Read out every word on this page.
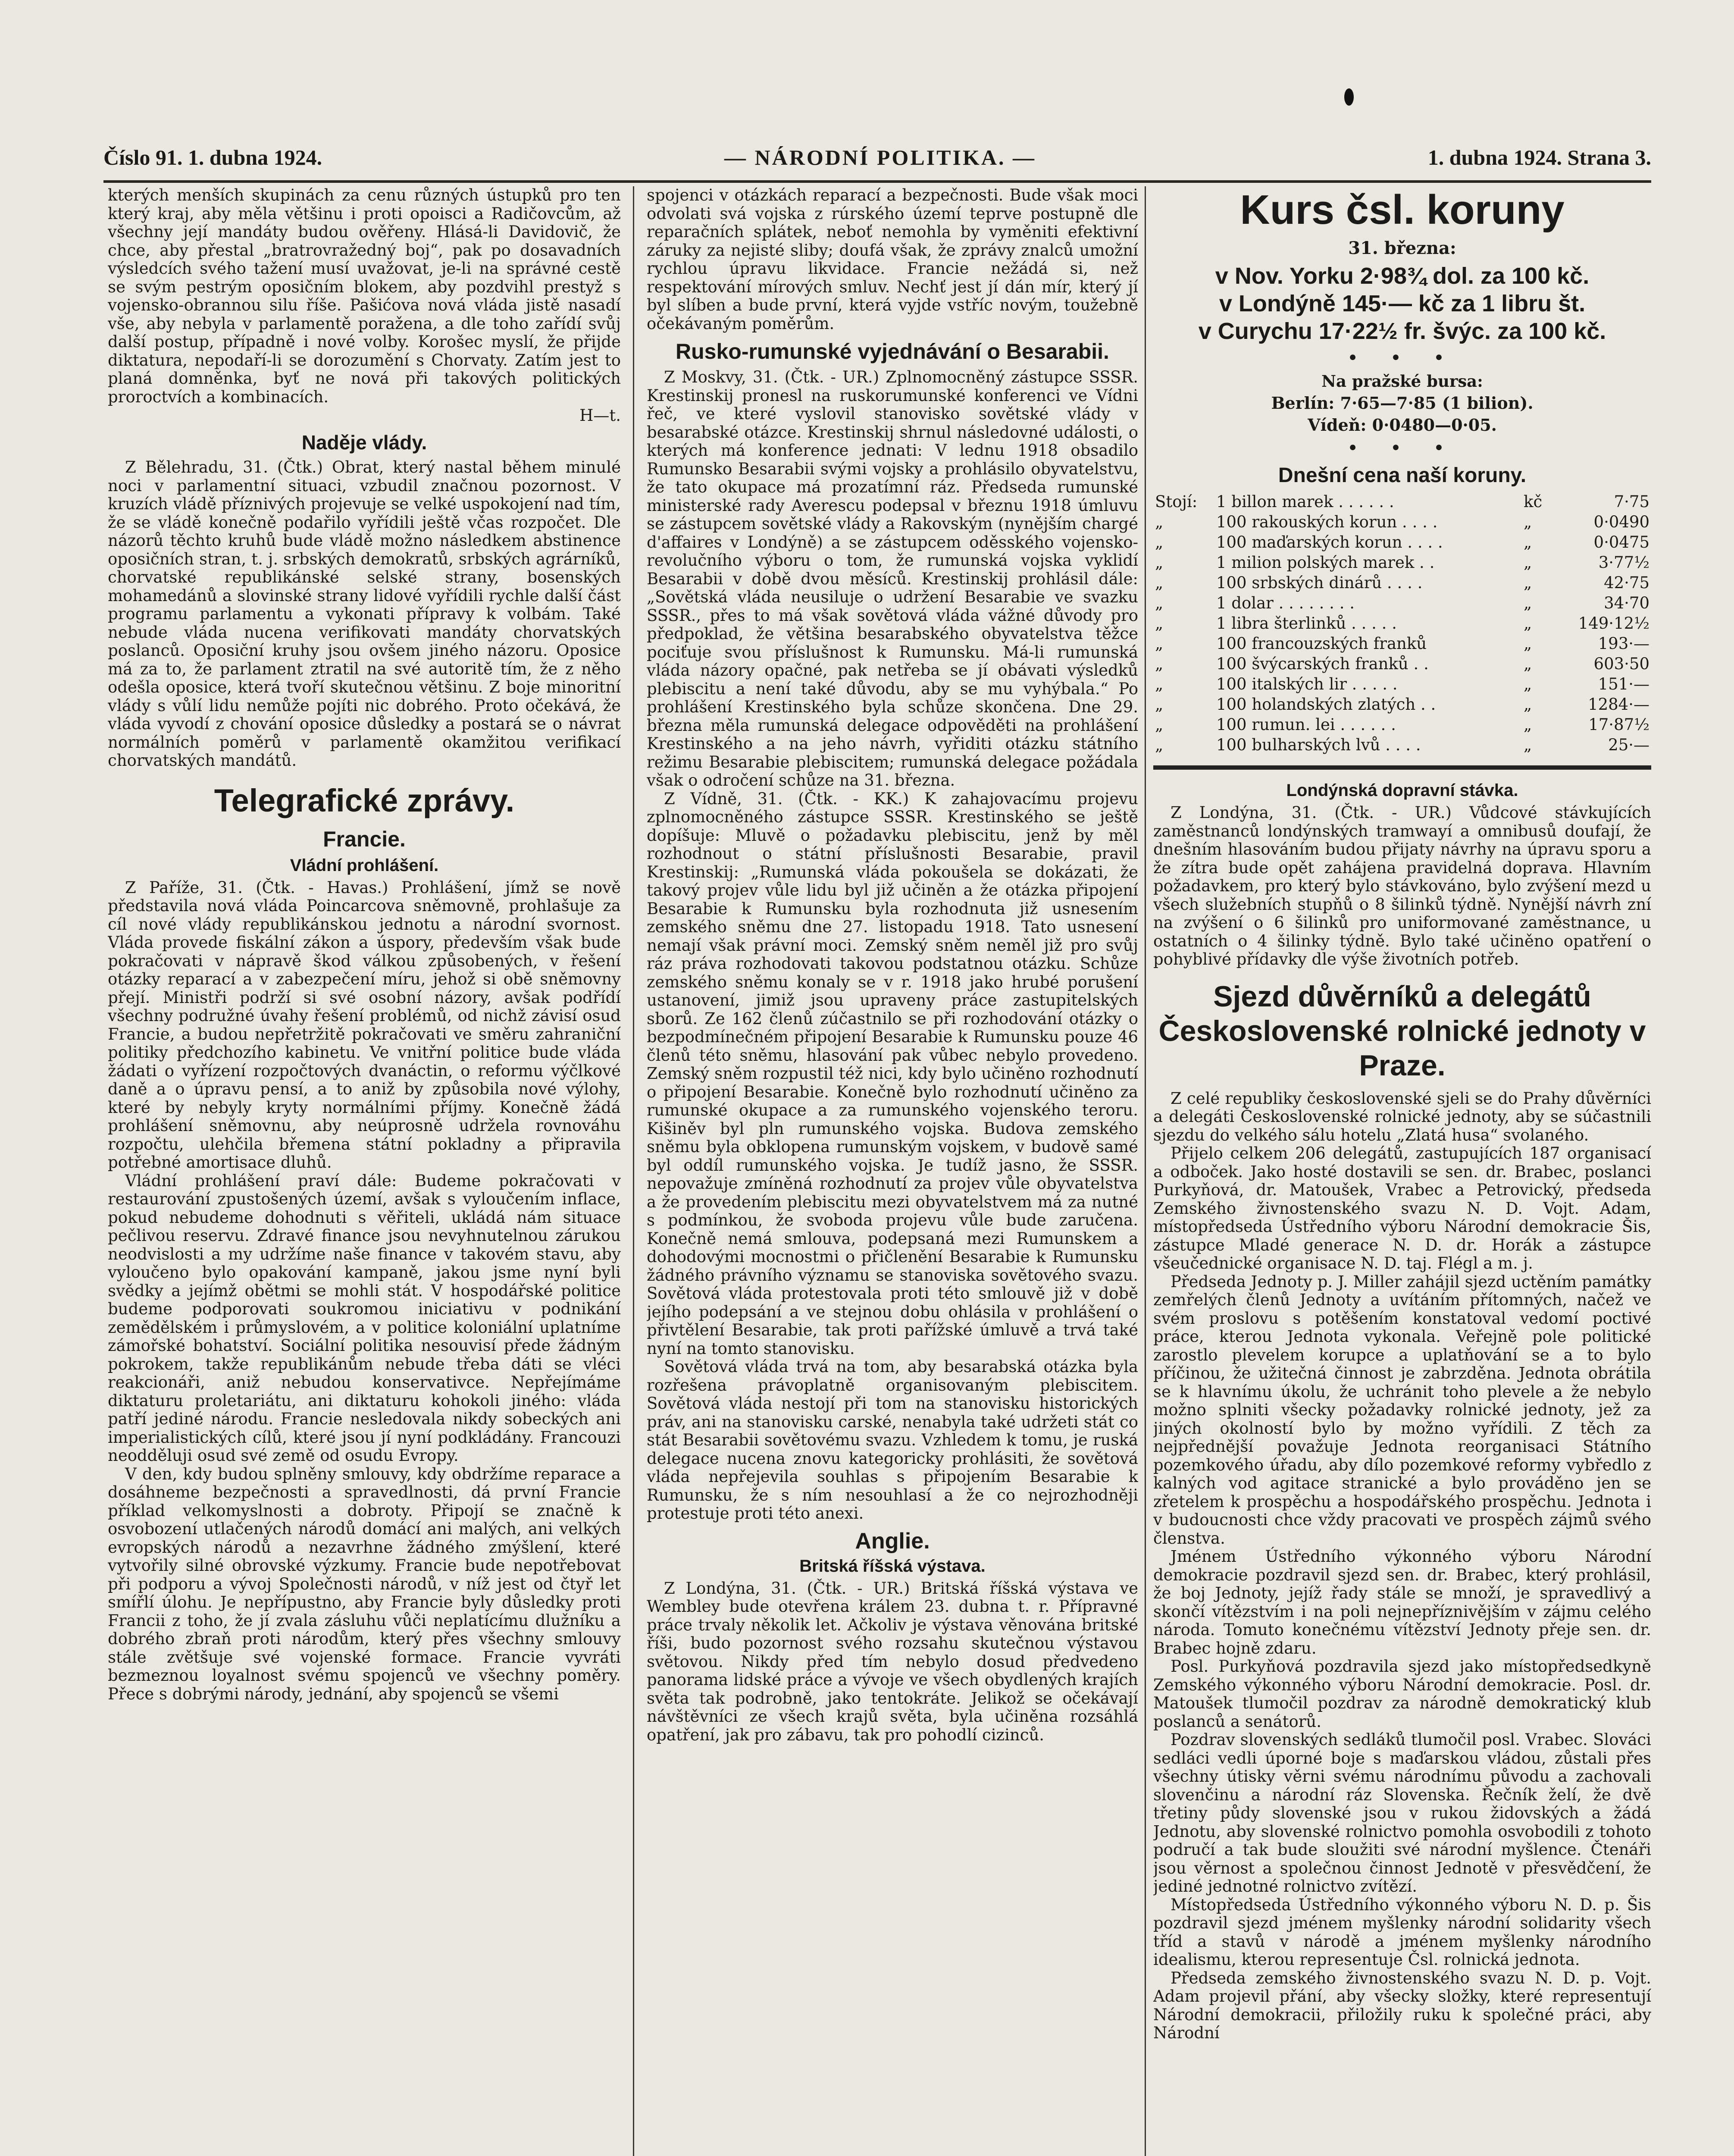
Číslo 91. 1. dubna 1924.	— NÁRODNÍ POLITIKA. —	1. dubna 1924. Strana 3.

kterých menších skupinách za cenu různých ústupků pro ten který kraj, aby měla většinu i proti opoisci a Radičovcům, až všechny její mandáty budou ověřeny. Hlásá-li Davidovič, že chce, aby přestal „bratrovražedný boj“, pak po dosavadních výsledcích svého tažení musí uvažovat, je-li na správné cestě se svým pestrým oposičním blokem, aby pozdvihl prestyž s vojensko-obrannou silu říše. Pašićova nová vláda jistě nasadí vše, aby nebyla v parlamentě poražena, a dle toho zařídí svůj další postup, případně i nové volby. Korošec myslí, že přijde diktatura, nepodaří-li se dorozumění s Chorvaty. Zatím jest to planá domněnka, byť ne nová při takových politických proroctvích a kombinacích.

H—t.
Naděje vlády.

Z Bělehradu, 31. (Čtk.) Obrat, který nastal během minulé noci v parlamentní situaci, vzbudil značnou pozornost. V kruzích vládě příznivých projevuje se velké uspokojení nad tím, že se vládě konečně podařilo vyřídili ještě včas rozpočet. Dle názorů těchto kruhů bude vládě možno následkem abstinence oposičních stran, t. j. srbských demokratů, srbských agrárníků, chorvatské republikánské selské strany, bosenských mohamedánů a slovinské strany lidové vyřídili rychle další část programu parlamentu a vykonati přípravy k volbám. Také nebude vláda nucena verifikovati mandáty chorvatských poslanců. Oposiční kruhy jsou ovšem jiného názoru. Oposice má za to, že parlament ztratil na své autoritě tím, že z něho odešla oposice, která tvoří skutečnou většinu. Z boje minoritní vlády s vůlí lidu nemůže pojíti nic dobrého. Proto očekává, že vláda vyvodí z chování oposice důsledky a postará se o návrat normálních poměrů v parlamentě okamžitou verifikací chorvatských mandátů.

Telegrafické zprávy.
Francie.
Vládní prohlášení.

Z Paříže, 31. (Čtk. - Havas.) Prohlášení, jímž se nově představila nová vláda Poincarcova sněmovně, prohlašuje za cíl nové vlády republikánskou jednotu a národní svornost. Vláda provede fiskální zákon a úspory, především však bude pokračovati v nápravě škod válkou způsobených, v řešení otázky reparací a v zabezpečení míru, jehož si obě sněmovny přejí. Ministři podrží si své osobní názory, avšak podřídí všechny podružné úvahy řešení problémů, od nichž závisí osud Francie, a budou nepřetržitě pokračovati ve směru zahraniční politiky předchozího kabinetu. Ve vnitřní politice bude vláda žádati o vyřízení rozpočtových dvanáctin, o reformu výčlkové daně a o úpravu pensí, a to aniž by způsobila nové výlohy, které by nebyly kryty normálními příjmy. Konečně žádá prohlášení sněmovnu, aby neúprosně udržela rovnováhu rozpočtu, ulehčila břemena státní pokladny a připravila potřebné amortisace dluhů.

Vládní prohlášení praví dále: Budeme pokračovati v restaurování zpustošených území, avšak s vyloučením inflace, pokud nebudeme dohodnuti s věřiteli, ukládá nám situace pečlivou reservu. Zdravé finance jsou nevyhnutelnou zárukou neodvislosti a my udržíme naše finance v takovém stavu, aby vyloučeno bylo opakování kampaně, jakou jsme nyní byli svědky a jejímž obětmi se mohli stát. V hospodářské politice budeme podporovati soukromou iniciativu v podnikání zemědělském i průmyslovém, a v politice koloniální uplatníme zámořské bohatství. Sociální politika nesouvisí přede žádným pokrokem, takže republikánům nebude třeba dáti se vléci reakcionáři, aniž nebudou konservativce. Nepřejímáme diktaturu proletariátu, ani diktaturu kohokoli jiného: vláda patří jediné národu. Francie nesledovala nikdy sobeckých ani imperialistických cílů, které jsou jí nyní podkládány. Francouzi neodděluji osud své země od osudu Evropy.

V den, kdy budou splněny smlouvy, kdy obdržíme reparace a dosáhneme bezpečnosti a spravedlnosti, dá první Francie příklad velkomyslnosti a dobroty. Připojí se značně k osvobození utlačených národů domácí ani malých, ani velkých evropských národů a nezavrhne žádného zmýšlení, které vytvořily silné obrovské výzkumy. Francie bude nepotřebovat při podporu a vývoj Společnosti národů, v níž jest od čtyř let smířlí úlohu. Je nepřípustno, aby Francie byly důsledky proti Francii z toho, že jí zvala zásluhu vůči neplatícímu dlužníku a dobrého zbraň proti národům, který přes všechny smlouvy stále zvětšuje své vojenské formace. Francie vyvráti bezmeznou loyalnost svému spojenců ve všechny poměry. Přece s dobrými národy, jednání, aby spojenců se všemi

spojenci v otázkách reparací a bezpečnosti. Bude však moci odvolati svá vojska z rúrského území teprve postupně dle reparačních splátek, neboť nemohla by vyměniti efektivní záruky za nejisté sliby; doufá však, že zprávy znalců umožní rychlou úpravu likvidace. Francie nežádá si, než respektování mírových smluv. Nechť jest jí dán mír, který jí byl slíben a bude první, která vyjde vstříc novým, toužebně očekávaným poměrům.

Rusko-rumunské vyjednávání o Besarabii.

Z Moskvy, 31. (Čtk. - UR.) Zplnomocněný zástupce SSSR. Krestinskij pronesl na ruskorumunské konferenci ve Vídni řeč, ve které vyslovil stanovisko sovětské vlády v besarabské otázce. Krestinskij shrnul následovné události, o kterých má konference jednati: V lednu 1918 obsadilo Rumunsko Besarabii svými vojsky a prohlásilo obyvatelstvu, že tato okupace má prozatímní ráz. Předseda rumunské ministerské rady Averescu podepsal v březnu 1918 úmluvu se zástupcem sovětské vlády a Rakovským (nynějším chargé d'affaires v Londýně) a se zástupcem oděsského vojensko-revolučního výboru o tom, že rumunská vojska vyklidí Besarabii v době dvou měsíců. Krestinskij prohlásil dále: „Sovětská vláda neusiluje o udržení Besarabie ve svazku SSSR., přes to má však sovětová vláda vážné důvody pro předpoklad, že většina besarabského obyvatelstva těžce pociťuje svou příslušnost k Rumunsku. Má-li rumunská vláda názory opačné, pak netřeba se jí obávati výsledků plebiscitu a není také důvodu, aby se mu vyhýbala.“ Po prohlášení Krestinského byla schůze skončena. Dne 29. března měla rumunská delegace odpověděti na prohlášení Krestinského a na jeho návrh, vyřiditi otázku státního režimu Besarabie plebiscitem; rumunská delegace požádala však o odročení schůze na 31. března.

Z Vídně, 31. (Čtk. - KK.) K zahajovacímu projevu zplnomocněného zástupce SSSR. Krestinského se ještě dopíšuje: Mluvě o požadavku plebiscitu, jenž by měl rozhodnout o státní příslušnosti Besarabie, pravil Krestinskij: „Rumunská vláda pokoušela se dokázati, že takový projev vůle lidu byl již učiněn a že otázka připojení Besarabie k Rumunsku byla rozhodnuta již usnesením zemského sněmu dne 27. listopadu 1918. Tato usnesení nemají však právní moci. Zemský sněm neměl již pro svůj ráz práva rozhodovati takovou podstatnou otázku. Schůze zemského sněmu konaly se v r. 1918 jako hrubé porušení ustanovení, jimiž jsou upraveny práce zastupitelských sborů. Ze 162 členů zúčastnilo se při rozhodování otázky o bezpodmínečném připojení Besarabie k Rumunsku pouze 46 členů této sněmu, hlasování pak vůbec nebylo provedeno. Zemský sněm rozpustil též nici, kdy bylo učiněno rozhodnutí o připojení Besarabie. Konečně bylo rozhodnutí učiněno za rumunské okupace a za rumunského vojenského teroru. Kišiněv byl pln rumunského vojska. Budova zemského sněmu byla obklopena rumunským vojskem, v budově samé byl oddíl rumunského vojska. Je tudíž jasno, že SSSR. nepovažuje zmíněná rozhodnutí za projev vůle obyvatelstva a že provedením plebiscitu mezi obyvatelstvem má za nutné s podmínkou, že svoboda projevu vůle bude zaručena. Konečně nemá smlouva, podepsaná mezi Rumunskem a dohodovými mocnostmi o přičlenění Besarabie k Rumunsku žádného právního významu se stanoviska sovětového svazu. Sovětová vláda protestovala proti této smlouvě již v době jejího podepsání a ve stejnou dobu ohlásila v prohlášení o přivtělení Besarabie, tak proti pařížské úmluvě a trvá také nyní na tomto stanovisku.

Sovětová vláda trvá na tom, aby besarabská otázka byla rozřešena právoplatně organisovaným plebiscitem. Sovětová vláda nestojí při tom na stanovisku historických práv, ani na stanovisku carské, nenabyla také udržeti stát co stát Besarabii sovětovému svazu. Vzhledem k tomu, je ruská delegace nucena znovu kategoricky prohlásiti, že sovětová vláda nepřejevila souhlas s připojením Besarabie k Rumunsku, že s ním nesouhlasí a že co nejrozhodněji protestuje proti této anexi.

Anglie.
Britská říšská výstava.

Z Londýna, 31. (Čtk. - UR.) Britská říšská výstava ve Wembley bude otevřena králem 23. dubna t. r. Přípravné práce trvaly několik let. Ačkoliv je výstava věnována britské říši, budo pozornost svého rozsahu skutečnou výstavou světovou. Nikdy před tím nebylo dosud předvedeno panorama lidské práce a vývoje ve všech obydlených krajích světa tak podrobně, jako tentokráte. Jelikož se očekávají návštěvníci ze všech krajů světa, byla učiněna rozsáhlá opatření, jak pro zábavu, tak pro pohodlí cizinců.

Kurs čsl. koruny
31. března:
v Nov. Yorku 2·98¾ dol. za 100 kč.
v Londýně 145·— kč za 1 libru št.
v Curychu 17·22½ fr. švýc. za 100 kč.
• • •
Na pražské bursa:
Berlín: 7·65—7·85 (1 bilion).
Vídeň: 0·0480—0·05.
• • •
Dnešní cena naší koruny.
Stojí:	1 billon marek . . . . . .	kč	7·75
„	100 rakouských korun . . . .	„	0·0490
„	100 maďarských korun . . . .	„	0·0475
„	1 milion polských marek . .	„	3·77½
„	100 srbských dinárů . . . .	„	42·75
„	1 dolar . . . . . . . .	„	34·70
„	1 libra šterlinků . . . . .	„	149·12½
„	100 francouzských franků	„	193·—
„	100 švýcarských franků . .	„	603·50
„	100 italských lir . . . . .	„	151·—
„	100 holandských zlatých . .	„	1284·—
„	100 rumun. lei . . . . . .	„	17·87½
„	100 bulharských lvů . . . .	„	25·—
Londýnská dopravní stávka.

Z Londýna, 31. (Čtk. - UR.) Vůdcové stávkujících zaměstnanců londýnských tramwayí a omnibusů doufají, že dnešním hlasováním budou přijaty návrhy na úpravu sporu a že zítra bude opět zahájena pravidelná doprava. Hlavním požadavkem, pro který bylo stávkováno, bylo zvýšení mezd u všech služebních stupňů o 8 šilinků týdně. Nynější návrh zní na zvýšení o 6 šilinků pro uniformované zaměstnance, u ostatních o 4 šilinky týdně. Bylo také učiněno opatření o pohyblivé přídavky dle výše životních potřeb.

Sjezd důvěrníků a delegátů Československé rolnické jednoty v Praze.

Z celé republiky československé sjeli se do Prahy důvěrníci a delegáti Československé rolnické jednoty, aby se súčastnili sjezdu do velkého sálu hotelu „Zlatá husa“ svolaného.

Přijelo celkem 206 delegátů, zastupujících 187 organisací a odboček. Jako hosté dostavili se sen. dr. Brabec, poslanci Purkyňová, dr. Matoušek, Vrabec a Petrovický, předseda Zemského živnostenského svazu N. D. Vojt. Adam, místopředseda Ústředního výboru Národní demokracie Šis, zástupce Mladé generace N. D. dr. Horák a zástupce všeučednické organisace N. D. taj. Flégl a m. j.

Předseda Jednoty p. J. Miller zahájil sjezd uctěním památky zemřelých členů Jednoty a uvítáním přítomných, načež ve svém proslovu s potěšením konstatoval vedomí poctivé práce, kterou Jednota vykonala. Veřejně pole politické zarostlo plevelem korupce a uplatňování se a to bylo příčinou, že užitečná činnost je zabrzděna. Jednota obrátila se k hlavnímu úkolu, že uchránit toho plevele a že nebylo možno splniti všecky požadavky rolnické jednoty, jež za jiných okolností bylo by možno vyřídili. Z těch za nejpřednější považuje Jednota reorganisaci Státního pozemkového úřadu, aby dílo pozemkové reformy vybředlo z kalných vod agitace stranické a bylo prováděno jen se zřetelem k prospěchu a hospodářského prospěchu. Jednota i v budoucnosti chce vždy pracovati ve prospěch zájmů svého členstva.

Jménem Ústředního výkonného výboru Národní demokracie pozdravil sjezd sen. dr. Brabec, který prohlásil, že boj Jednoty, jejíž řady stále se množí, je spravedlivý a skončí vítězstvím i na poli nejnepříznivějším v zájmu celého národa. Tomuto konečnému vítězství Jednoty přeje sen. dr. Brabec hojně zdaru.

Posl. Purkyňová pozdravila sjezd jako místopředsedkyně Zemského výkonného výboru Národní demokracie. Posl. dr. Matoušek tlumočil pozdrav za národně demokratický klub poslanců a senátorů.

Pozdrav slovenských sedláků tlumočil posl. Vrabec. Slováci sedláci vedli úporné boje s maďarskou vládou, zůstali přes všechny útisky věrni svému národnímu původu a zachovali slovenčinu a národní ráz Slovenska. Řečník želí, že dvě třetiny půdy slovenské jsou v rukou židovských a žádá Jednotu, aby slovenské rolnictvo pomohla osvobodili z tohoto područí a tak bude sloužiti své národní myšlence. Čtenáři jsou věrnost a společnou činnost Jednotě v přesvědčení, že jediné jednotné rolnictvo zvítězí.

Místopředseda Ústředního výkonného výboru N. D. p. Šis pozdravil sjezd jménem myšlenky národní solidarity všech tříd a stavů v národě a jménem myšlenky národního idealismu, kterou representuje Čsl. rolnická jednota.

Předseda zemského živnostenského svazu N. D. p. Vojt. Adam projevil přání, aby všecky složky, které representují Národní demokracii, přiložily ruku k společné práci, aby Národní
